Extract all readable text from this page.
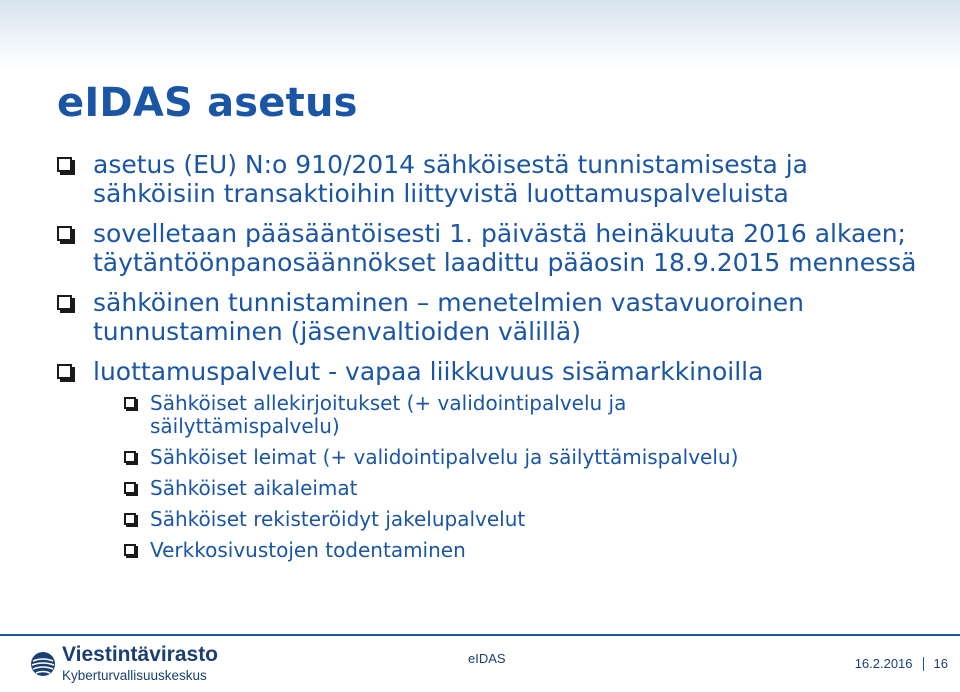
eIDAS asetus
asetus (EU) N:o 910/2014 sähköisestä tunnistamisesta ja sähköisiin transaktioihin liittyvistä luottamuspalveluista
sovelletaan pääsääntöisesti 1. päivästä heinäkuuta 2016 alkaen; täytäntöönpanosäännökset laadittu pääosin 18.9.2015 mennessä
sähköinen tunnistaminen – menetelmien vastavuoroinen tunnustaminen (jäsenvaltioiden välillä)
luottamuspalvelut - vapaa liikkuvuus sisämarkkinoilla
Sähköiset allekirjoitukset (+ validointipalvelu ja säilyttämispalvelu)
Sähköiset leimat (+ validointipalvelu ja säilyttämispalvelu)
Sähköiset aikaleimat
Sähköiset rekisteröidyt jakelupalvelut
Verkkosivustojen todentaminen
Viestintävirasto
Kyberturvallisuuskeskus
eIDAS	16.2.2016 16
